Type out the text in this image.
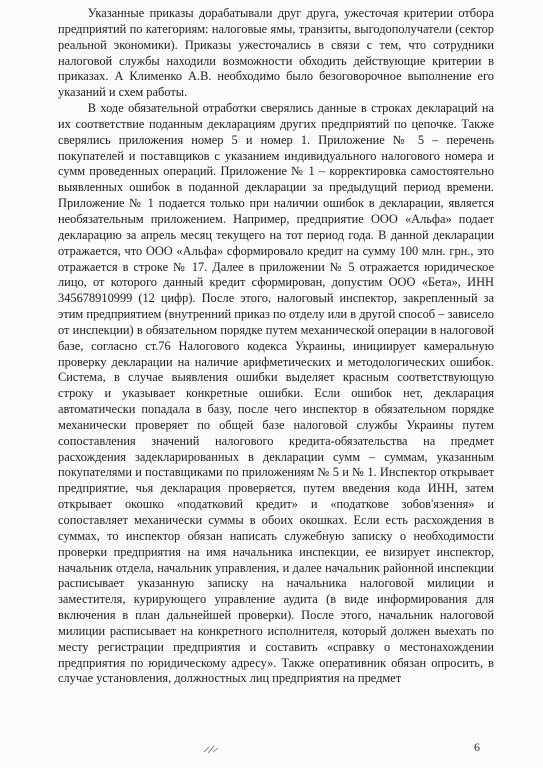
Указанные приказы дорабатывали друг друга, ужесточая критерии отбора предприятий по категориям: налоговые ямы, транзиты, выгодополучатели (сектор реальной экономики). Приказы ужесточались в связи с тем, что сотрудники налоговой службы находили возможности обходить действующие критерии в приказах. А Клименко А.В. необходимо было безоговорочное выполнение его указаний и схем работы.

В ходе обязательной отработки сверялись данные в строках деклараций на их соответствие поданным декларациям других предприятий по цепочке. Также сверялись приложения номер 5 и номер 1. Приложение № 5 – перечень покупателей и поставщиков с указанием индивидуального налогового номера и сумм проведенных операций. Приложение № 1 – корректировка самостоятельно выявленных ошибок в поданной декларации за предыдущий период времени. Приложение № 1 подается только при наличии ошибок в декларации, является необязательным приложением. Например, предприятие ООО «Альфа» подает декларацию за апрель месяц текущего на тот период года. В данной декларации отражается, что ООО «Альфа» сформировало кредит на сумму 100 млн. грн., это отражается в строке № 17. Далее в приложении № 5 отражается юридическое лицо, от которого данный кредит сформирован, допустим ООО «Бета», ИНН 345678910999 (12 цифр). После этого, налоговый инспектор, закрепленный за этим предприятием (внутренний приказ по отделу или в другой способ – зависело от инспекции) в обязательном порядке путем механической операции в налоговой базе, согласно ст.76 Налогового кодекса Украины, инициирует камеральную проверку декларации на наличие арифметических и методологических ошибок. Система, в случае выявления ошибки выделяет красным соответствующую строку и указывает конкретные ошибки. Если ошибок нет, декларация автоматически попадала в базу, после чего инспектор в обязательном порядке механически проверяет по общей базе налоговой службы Украины путем сопоставления значений налогового кредита-обязательства на предмет расхождения задекларированных в декларации сумм – суммам, указанным покупателями и поставщиками по приложениям № 5 и № 1. Инспектор открывает предприятие, чья декларация проверяется, путем введения кода ИНН, затем открывает окошко «податковий кредит» и «податкове зобов'язення» и сопоставляет механически суммы в обоих окошках. Если есть расхождения в суммах, то инспектор обязан написать служебную записку о необходимости проверки предприятия на имя начальника инспекции, ее визирует инспектор, начальник отдела, начальник управления, и далее начальник районной инспекции расписывает указанную записку на начальника налоговой милиции и заместителя, курирующего управление аудита (в виде информирования для включения в план дальнейшей проверки). После этого, начальник налоговой милиции расписывает на конкретного исполнителя, который должен выехать по месту регистрации предприятия и составить «справку о местонахождении предприятия по юридическому адресу». Также оперативник обязан опросить, в случае установления, должностных лиц предприятия на предмет

6
